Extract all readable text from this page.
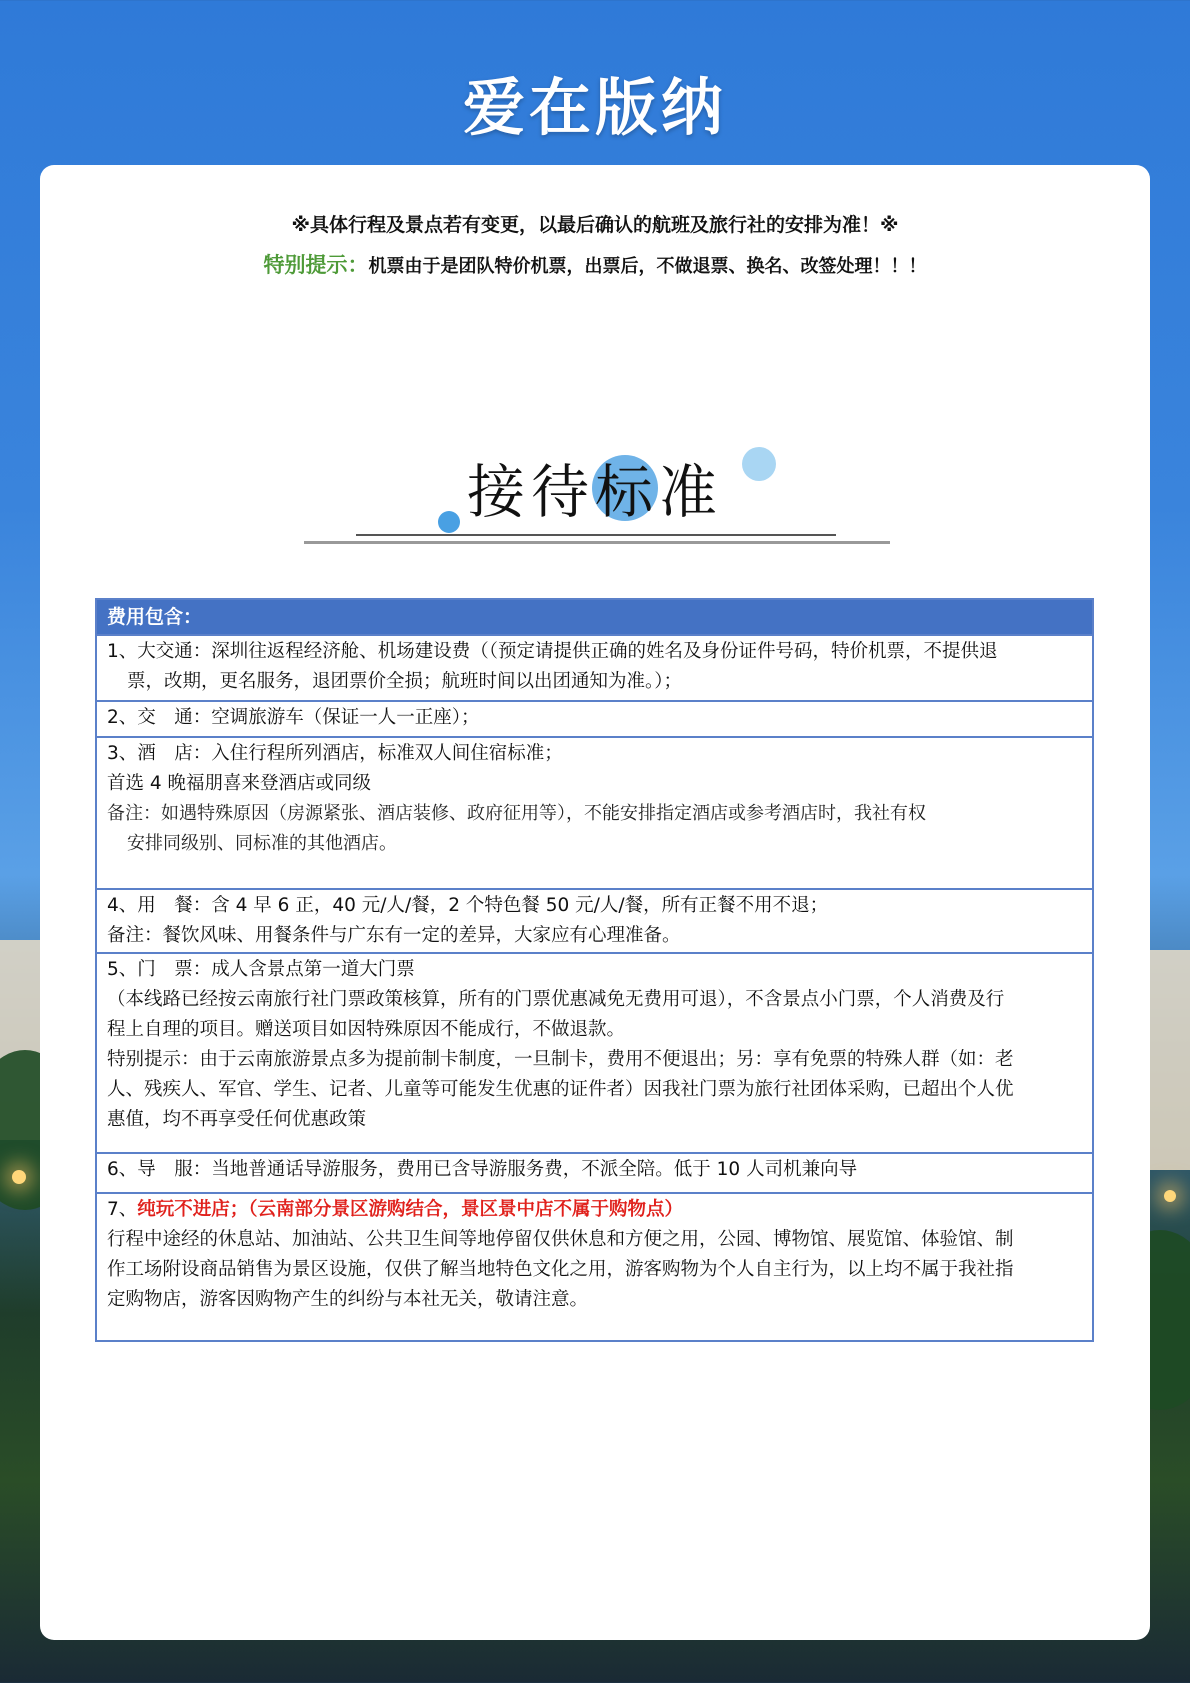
爱在版纳
※具体行程及景点若有变更，以最后确认的航班及旅行社的安排为准！※
特别提示：机票由于是团队特价机票，出票后，不做退票、换名、改签处理！！！
接待标准
费用包含：

1、大交通：深圳往返程经济舱、机场建设费（（预定请提供正确的姓名及身份证件号码，特价机票，不提供退
票，改期，更名服务，退团票价全损；航班时间以出团通知为准。）；

2、交　通：空调旅游车（保证一人一正座）；

3、酒　店：入住行程所列酒店，标准双人间住宿标准；
首选 4 晚福朋喜来登酒店或同级
备注：如遇特殊原因（房源紧张、酒店装修、政府征用等），不能安排指定酒店或参考酒店时，我社有权
安排同级别、同标准的其他酒店。

4、用　餐：含 4 早 6 正，40 元/人/餐，2 个特色餐 50 元/人/餐，所有正餐不用不退；
备注：餐饮风味、用餐条件与广东有一定的差异，大家应有心理准备。

5、门　票：成人含景点第一道大门票
（本线路已经按云南旅行社门票政策核算，所有的门票优惠减免无费用可退），不含景点小门票，个人消费及行
程上自理的项目。赠送项目如因特殊原因不能成行，不做退款。
特别提示：由于云南旅游景点多为提前制卡制度，一旦制卡，费用不便退出；另：享有免票的特殊人群（如：老
人、残疾人、军官、学生、记者、儿童等可能发生优惠的证件者）因我社门票为旅行社团体采购，已超出个人优
惠值，均不再享受任何优惠政策

6、导　服：当地普通话导游服务，费用已含导游服务费，不派全陪。低于 10 人司机兼向导

7、纯玩不进店；（云南部分景区游购结合，景区景中店不属于购物点）
行程中途经的休息站、加油站、公共卫生间等地停留仅供休息和方便之用，公园、博物馆、展览馆、体验馆、制
作工场附设商品销售为景区设施，仅供了解当地特色文化之用，游客购物为个人自主行为，以上均不属于我社指
定购物店，游客因购物产生的纠纷与本社无关，敬请注意。
